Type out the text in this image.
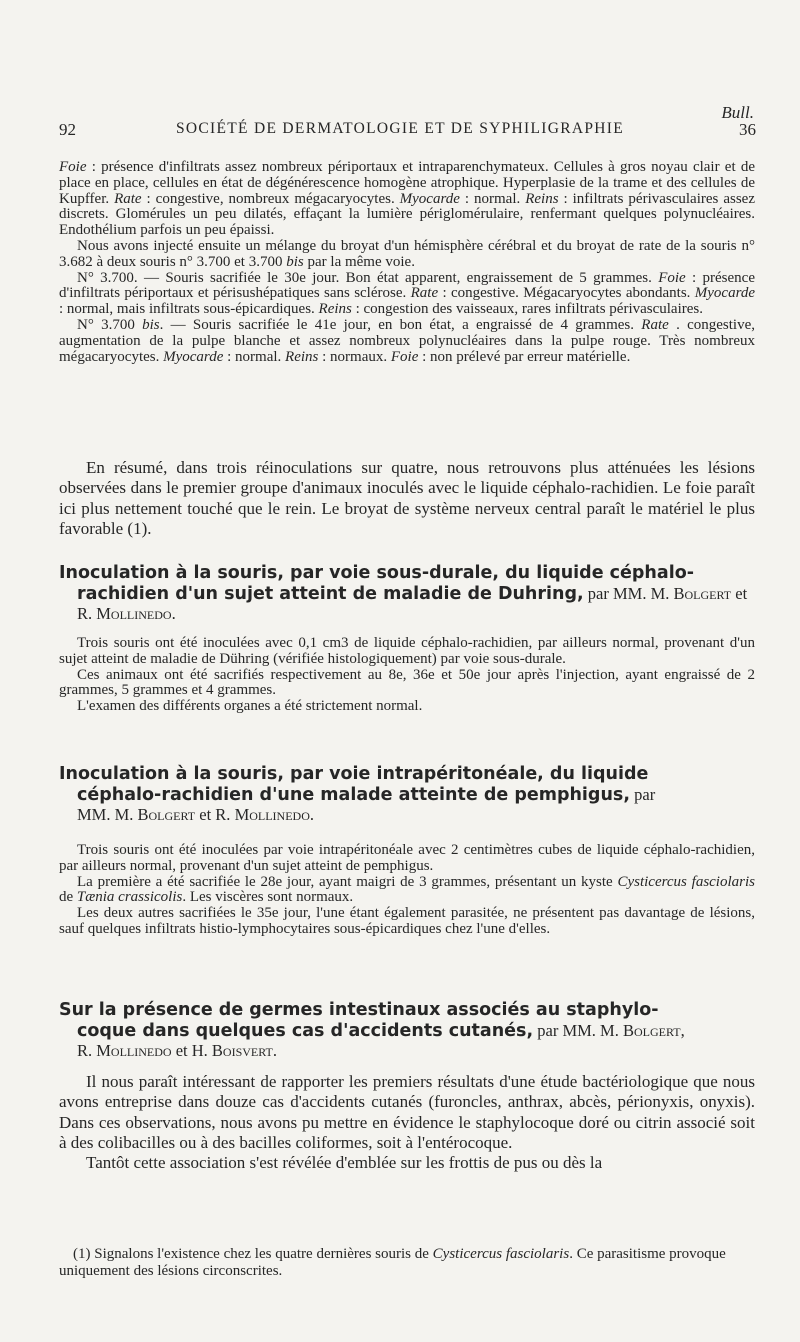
Bull.
92	SOCIÉTÉ DE DERMATOLOGIE ET DE SYPHILIGRAPHIE	36

Foie : présence d'infiltrats assez nombreux périportaux et intraparenchymateux. Cellules à gros noyau clair et de place en place, cellules en état de dégénérescence homogène atrophique. Hyperplasie de la trame et des cellules de Kupffer. Rate : congestive, nombreux mégacaryocytes. Myocarde : normal. Reins : infiltrats périvasculaires assez discrets. Glomérules un peu dilatés, effaçant la lumière périglomérulaire, renfermant quelques polynucléaires. Endothélium parfois un peu épaissi.

Nous avons injecté ensuite un mélange du broyat d'un hémisphère cérébral et du broyat de rate de la souris n° 3.682 à deux souris n° 3.700 et 3.700 bis par la même voie.

N° 3.700. — Souris sacrifiée le 30e jour. Bon état apparent, engraissement de 5 grammes. Foie : présence d'infiltrats périportaux et périsushépatiques sans sclérose. Rate : congestive. Mégacaryocytes abondants. Myocarde : normal, mais infiltrats sous-épicardiques. Reins : congestion des vaisseaux, rares infiltrats périvasculaires.

N° 3.700 bis. — Souris sacrifiée le 41e jour, en bon état, a engraissé de 4 grammes. Rate . congestive, augmentation de la pulpe blanche et assez nombreux polynucléaires dans la pulpe rouge. Très nombreux mégacaryocytes. Myocarde : normal. Reins : normaux. Foie : non prélevé par erreur matérielle.

En résumé, dans trois réinoculations sur quatre, nous retrouvons plus atténuées les lésions observées dans le premier groupe d'animaux inoculés avec le liquide céphalo-rachidien. Le foie paraît ici plus nettement touché que le rein. Le broyat de système nerveux central paraît le matériel le plus favorable (1).

Inoculation à la souris, par voie sous-durale, du liquide céphalo-
rachidien d'un sujet atteint de maladie de Duhring, par MM. M. Bolgert et R. Mollinedo.

Trois souris ont été inoculées avec 0,1 cm3 de liquide céphalo-rachidien, par ailleurs normal, provenant d'un sujet atteint de maladie de Dühring (vérifiée histologiquement) par voie sous-durale.

Ces animaux ont été sacrifiés respectivement au 8e, 36e et 50e jour après l'injection, ayant engraissé de 2 grammes, 5 grammes et 4 grammes.

L'examen des différents organes a été strictement normal.

Inoculation à la souris, par voie intrapéritonéale, du liquide
céphalo-rachidien d'une malade atteinte de pemphigus, par
MM. M. Bolgert et R. Mollinedo.

Trois souris ont été inoculées par voie intrapéritonéale avec 2 centimètres cubes de liquide céphalo-rachidien, par ailleurs normal, provenant d'un sujet atteint de pemphigus.

La première a été sacrifiée le 28e jour, ayant maigri de 3 grammes, présentant un kyste Cysticercus fasciolaris de Tænia crassicolis. Les viscères sont normaux.

Les deux autres sacrifiées le 35e jour, l'une étant également parasitée, ne présentent pas davantage de lésions, sauf quelques infiltrats histio-lymphocytaires sous-épicardiques chez l'une d'elles.

Sur la présence de germes intestinaux associés au staphylo-
coque dans quelques cas d'accidents cutanés, par MM. M. Bolgert,
R. Mollinedo et H. Boisvert.

Il nous paraît intéressant de rapporter les premiers résultats d'une étude bactériologique que nous avons entreprise dans douze cas d'accidents cutanés (furoncles, anthrax, abcès, périonyxis, onyxis). Dans ces observations, nous avons pu mettre en évidence le staphylocoque doré ou citrin associé soit à des colibacilles ou à des bacilles coliformes, soit à l'entérocoque.

Tantôt cette association s'est révélée d'emblée sur les frottis de pus ou dès la

(1) Signalons l'existence chez les quatre dernières souris de Cysticercus fasciolaris. Ce parasitisme provoque uniquement des lésions circonscrites.
